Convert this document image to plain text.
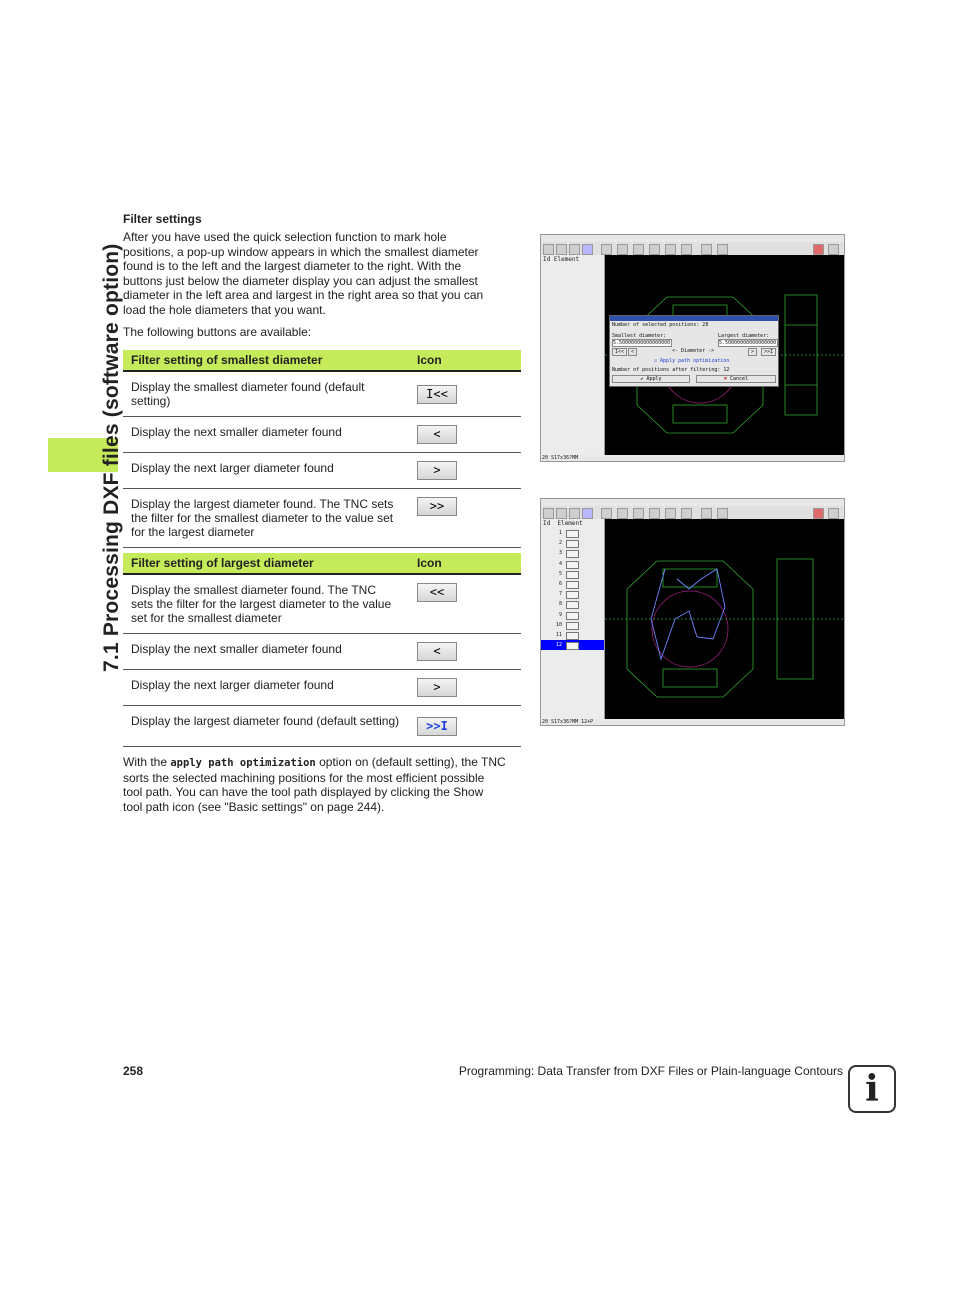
7.1 Processing DXF files (software option)
Filter settings
After you have used the quick selection function to mark hole
positions, a pop-up window appears in which the smallest diameter
found is to the left and the largest diameter to the right. With the
buttons just below the diameter display you can adjust the smallest
diameter in the left area and largest in the right area so that you can
load the hole diameters that you want.
The following buttons are available:
Filter setting of smallest diameter	Icon
Display the smallest diameter found (default setting)	I<<
Display the next smaller diameter found	<
Display the next larger diameter found	>
Display the largest diameter found. The TNC sets the filter for the smallest diameter to the value set for the largest diameter	>>
Filter setting of largest diameter	Icon
Display the smallest diameter found. The TNC sets the filter for the largest diameter to the value set for the smallest diameter	<<
Display the next smaller diameter found	<
Display the next larger diameter found	>
Display the largest diameter found (default setting)	>>I
With the apply path optimization option on (default setting), the TNC
sorts the selected machining positions for the most efficient possible
tool path. You can have the tool path displayed by clicking the Show
tool path icon (see "Basic settings" on page 244).
Id Element
Number of selected positions: 28
Smallest diameter:	Largest diameter:
5.50000000000000000	5.50000000000000000
I<<	<	<- Diameter ->	>	>>I
☑ Apply path optimization
Number of positions after filtering: 12
✔ Apply	✖ Cancel
20 S17x36?MM
Id Element
1
2
3
4
5
6
7
8
9
10
11
12
20 S17x36?MM 12+P
258	Programming: Data Transfer from DXF Files or Plain-language Contours i
